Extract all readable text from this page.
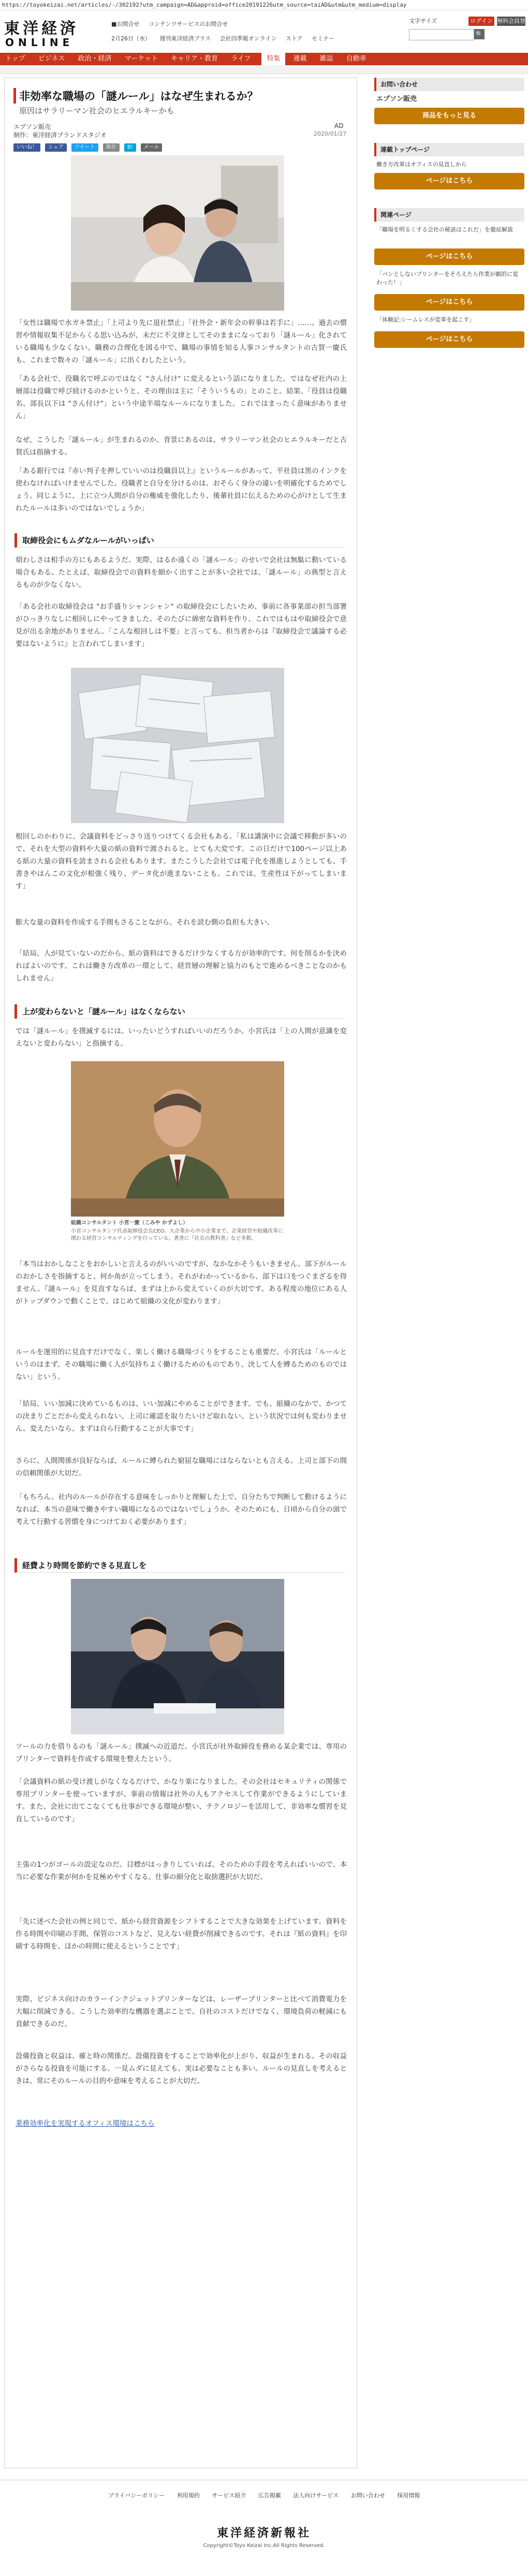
https://toyokeizai.net/articles/-/302192?utm_campaign=AD&approid=office20191226utm_source=taiAD&utm&utm_medium=display
東洋経済
ONLINE
■お問合せ コンテンツサービスのお問合せ
2月26日（水） 週刊東洋経済プラス 会社四季報オンライン ストア セミナー
文字サイズ	ログイン 無料会員登録
🔍
トップ ビジネス 政治・経済 マーケット キャリア・教育 ライフ 特集 連載 雑誌 自動車
非効率な職場の「謎ルール」はなぜ生まれるか？
原因はサラリーマン社会のヒエラルキーかも
エプソン販売
制作：東洋経済ブランドスタジオ
AD
2020/01/27
いいね！ シェア ツイート 保存 B! メール
「女性は職場で水ガキ禁止」「上司より先に退社禁止」「社外会・新年会の幹事は若手に」……。過去の慣習や情報収集不足からくる思い込みが、未だに不文律としてそのままになっており「謎ルール」化されている職場も少なくない。職務の合理化を図る中で、職場の事情を知る人事コンサルタントの古賀一慶氏も、これまで数々の「謎ルール」に出くわしたという。
「ある会社で、役職名で呼ぶのではなく "さん付け" に変えるという話になりました。ではなぜ社内の上層部は役職で呼び続けるのかというと、その理由は主に「そういうもの」とのこと。結果、「役員は役職名、部長以下は "さん付け"」という中途半端なルールになりました。これではまったく意味がありません」
なぜ、こうした「謎ルール」が生まれるのか。背景にあるのは、サラリーマン社会のヒエラルキーだと古賀氏は指摘する。
「ある銀行では『赤い判子を押していいのは役職員以上』というルールがあって、平社員は黒のインクを使わなければいけませんでした。役職者と自分を分けるのは、おそらく身分の違いを明確化するためでしょう。同じように、上に立つ人間が自分の権威を強化したり、後輩社員に伝えるための心がけとして生まれたルールは多いのではないでしょうか」
取締役会にもムダなルールがいっぱい
煩わしさは相手の方にもあるようだ。実際、はるか遠くの「謎ルール」のせいで会社は無駄に動いている場合もある。たとえば、取締役会での資料を細かく出すことが多い会社では、「謎ルール」の典型と言えるものが少なくない。
「ある会社の取締役会は "お手盛りシャンシャン" の取締役会にしたいため、事前に各事業部の担当部署がひっきりなしに根回しにやってきました。そのたびに綿密な資料を作り、これではもはや取締役会で意見が出る余地がありません。「こんな根回しは不要」と言っても、担当者からは『取締役会で議論する必要はないように』と言われてしまいます」
根回しのかわりに、会議資料をどっさり送りつけてくる会社もある。「私は講演中に会議で移動が多いので、それを大型の資料や大量の紙の資料で渡されると、とても大変です。この日だけで100ページ以上ある紙の大量の資料を読まされる会社もあります。またこうした会社では電子化を推進しようとしても、手書きやはんこの文化が根強く残り、データ化が進まないことも。これでは、生産性は下がってしまいます」
膨大な量の資料を作成する手間もさることながら、それを読む側の負担も大きい。
「結局、人が見ていないのだから、紙の資料はできるだけ少なくする方が効率的です。何を削るかを決めればよいのです。これは働き方改革の一環として、経営層の理解と協力のもとで進めるべきことなのかもしれません」
上が変わらないと「謎ルール」はなくならない
では「謎ルール」を撲滅するには、いったいどうすればいいのだろうか。小宮氏は「上の人間が意識を変えないと変わらない」と指摘する。
組織コンサルタント 小宮一慶（こみや かずよし）
小宮コンサルタンツ代表取締役会長CEO。大企業から中小企業まで、企業経営や組織改革に関わる経営コンサルティングを行っている。著書に『社長の教科書』など多数。
「本当はおかしなことをおかしいと言えるのがいいのですが、なかなかそうもいきません。部下がルールのおかしさを指摘すると、何か角が立ってしまう。それがわかっているから、部下は口をつぐまざるを得ません。『謎ルール』を見直すならば、まずは上から変えていくのが大切です。ある程度の地位にある人がトップダウンで動くことで、はじめて組織の文化が変わります」
ルールを運用的に見直すだけでなく、楽しく働ける職場づくりをすることも重要だ。小宮氏は「ルールというのはまず、その職場に働く人が気持ちよく働けるためのものであり、決して人を縛るためのものではない」という。
「結局、いい加減に決めているものは、いい加減にやめることができます。でも、組織のなかで、かつての決まりごとだから変えられない、上司に確認を取りたいけど取れない、という状況では何も変わりません。変えたいなら、まずは自ら行動することが大事です」
さらに、人間関係が良好ならば、ルールに縛られた窮屈な職場にはならないとも言える。上司と部下の間の信頼関係が大切だ。
「もちろん、社内のルールが存在する意味をしっかりと理解した上で、自分たちで判断して動けるようになれば、本当の意味で働きやすい職場になるのではないでしょうか。そのためにも、日頃から自分の頭で考えて行動する習慣を身につけておく必要があります」
経費より時間を節約できる見直しを
ツールの力を借りるのも「謎ルール」撲滅への近道だ。小宮氏が社外取締役を務める某企業では、専用のプリンターで資料を作成する環境を整えたという。
「会議資料の紙の受け渡しがなくなるだけで、かなり楽になりました。その会社はセキュリティの関係で専用プリンターを使っていますが、事前の情報は社外の人もアクセスして作業ができるようにしています。また、会社に出てこなくても仕事ができる環境が整い、テクノロジーを活用して、非効率な慣習を見直しているのです」
主張の1つがゴールの設定なのだ。目標がはっきりしていれば、そのための手段を考えればいいので、本当に必要な作業が何かを見極めやすくなる。仕事の細分化と取捨選択が大切だ。
「先に述べた会社の例と同じで、紙から経営資源をシフトすることで大きな効果を上げています。資料を作る時間や印刷の手間、保管のコストなど、見えない経費が削減できるのです。それは『紙の資料』を印刷する時間を、ほかの時間に使えるということです」
実際、ビジネス向けのカラーインクジェットプリンターなどは、レーザープリンターと比べて消費電力を大幅に削減できる。こうした効率的な機器を選ぶことで、自社のコストだけでなく、環境負荷の軽減にも貢献できるのだ。
設備投資と収益は、確と時の関係だ。設備投資をすることで効率化が上がり、収益が生まれる。その収益がさらなる投資を可能にする。一見ムダに見えても、実は必要なことも多い。ルールの見直しを考えるときは、常にそのルールの目的や意味を考えることが大切だ。
業務効率化を実現するオフィス環境はこちら
お問い合わせ
エプソン販売
商品をもっと見る
連載トップページ
働き方改革はオフィスの見直しから
ページはこちら
関連ページ
「職場を明るくする会社の秘訣はこれだ」を徹底解説
ページはこちら
「パンとしないプリンターをそろえたら作業が劇的に変わった！」
ページはこちら
「体験記:シームレスが変革を起こす」
ページはこちら
プライバシーポリシー 利用規約 サービス紹介 広告掲載 法人向けサービス お問い合わせ 採用情報
東洋経済新報社
Copyright©Toyo Keizai Inc.All Rights Reserved.
